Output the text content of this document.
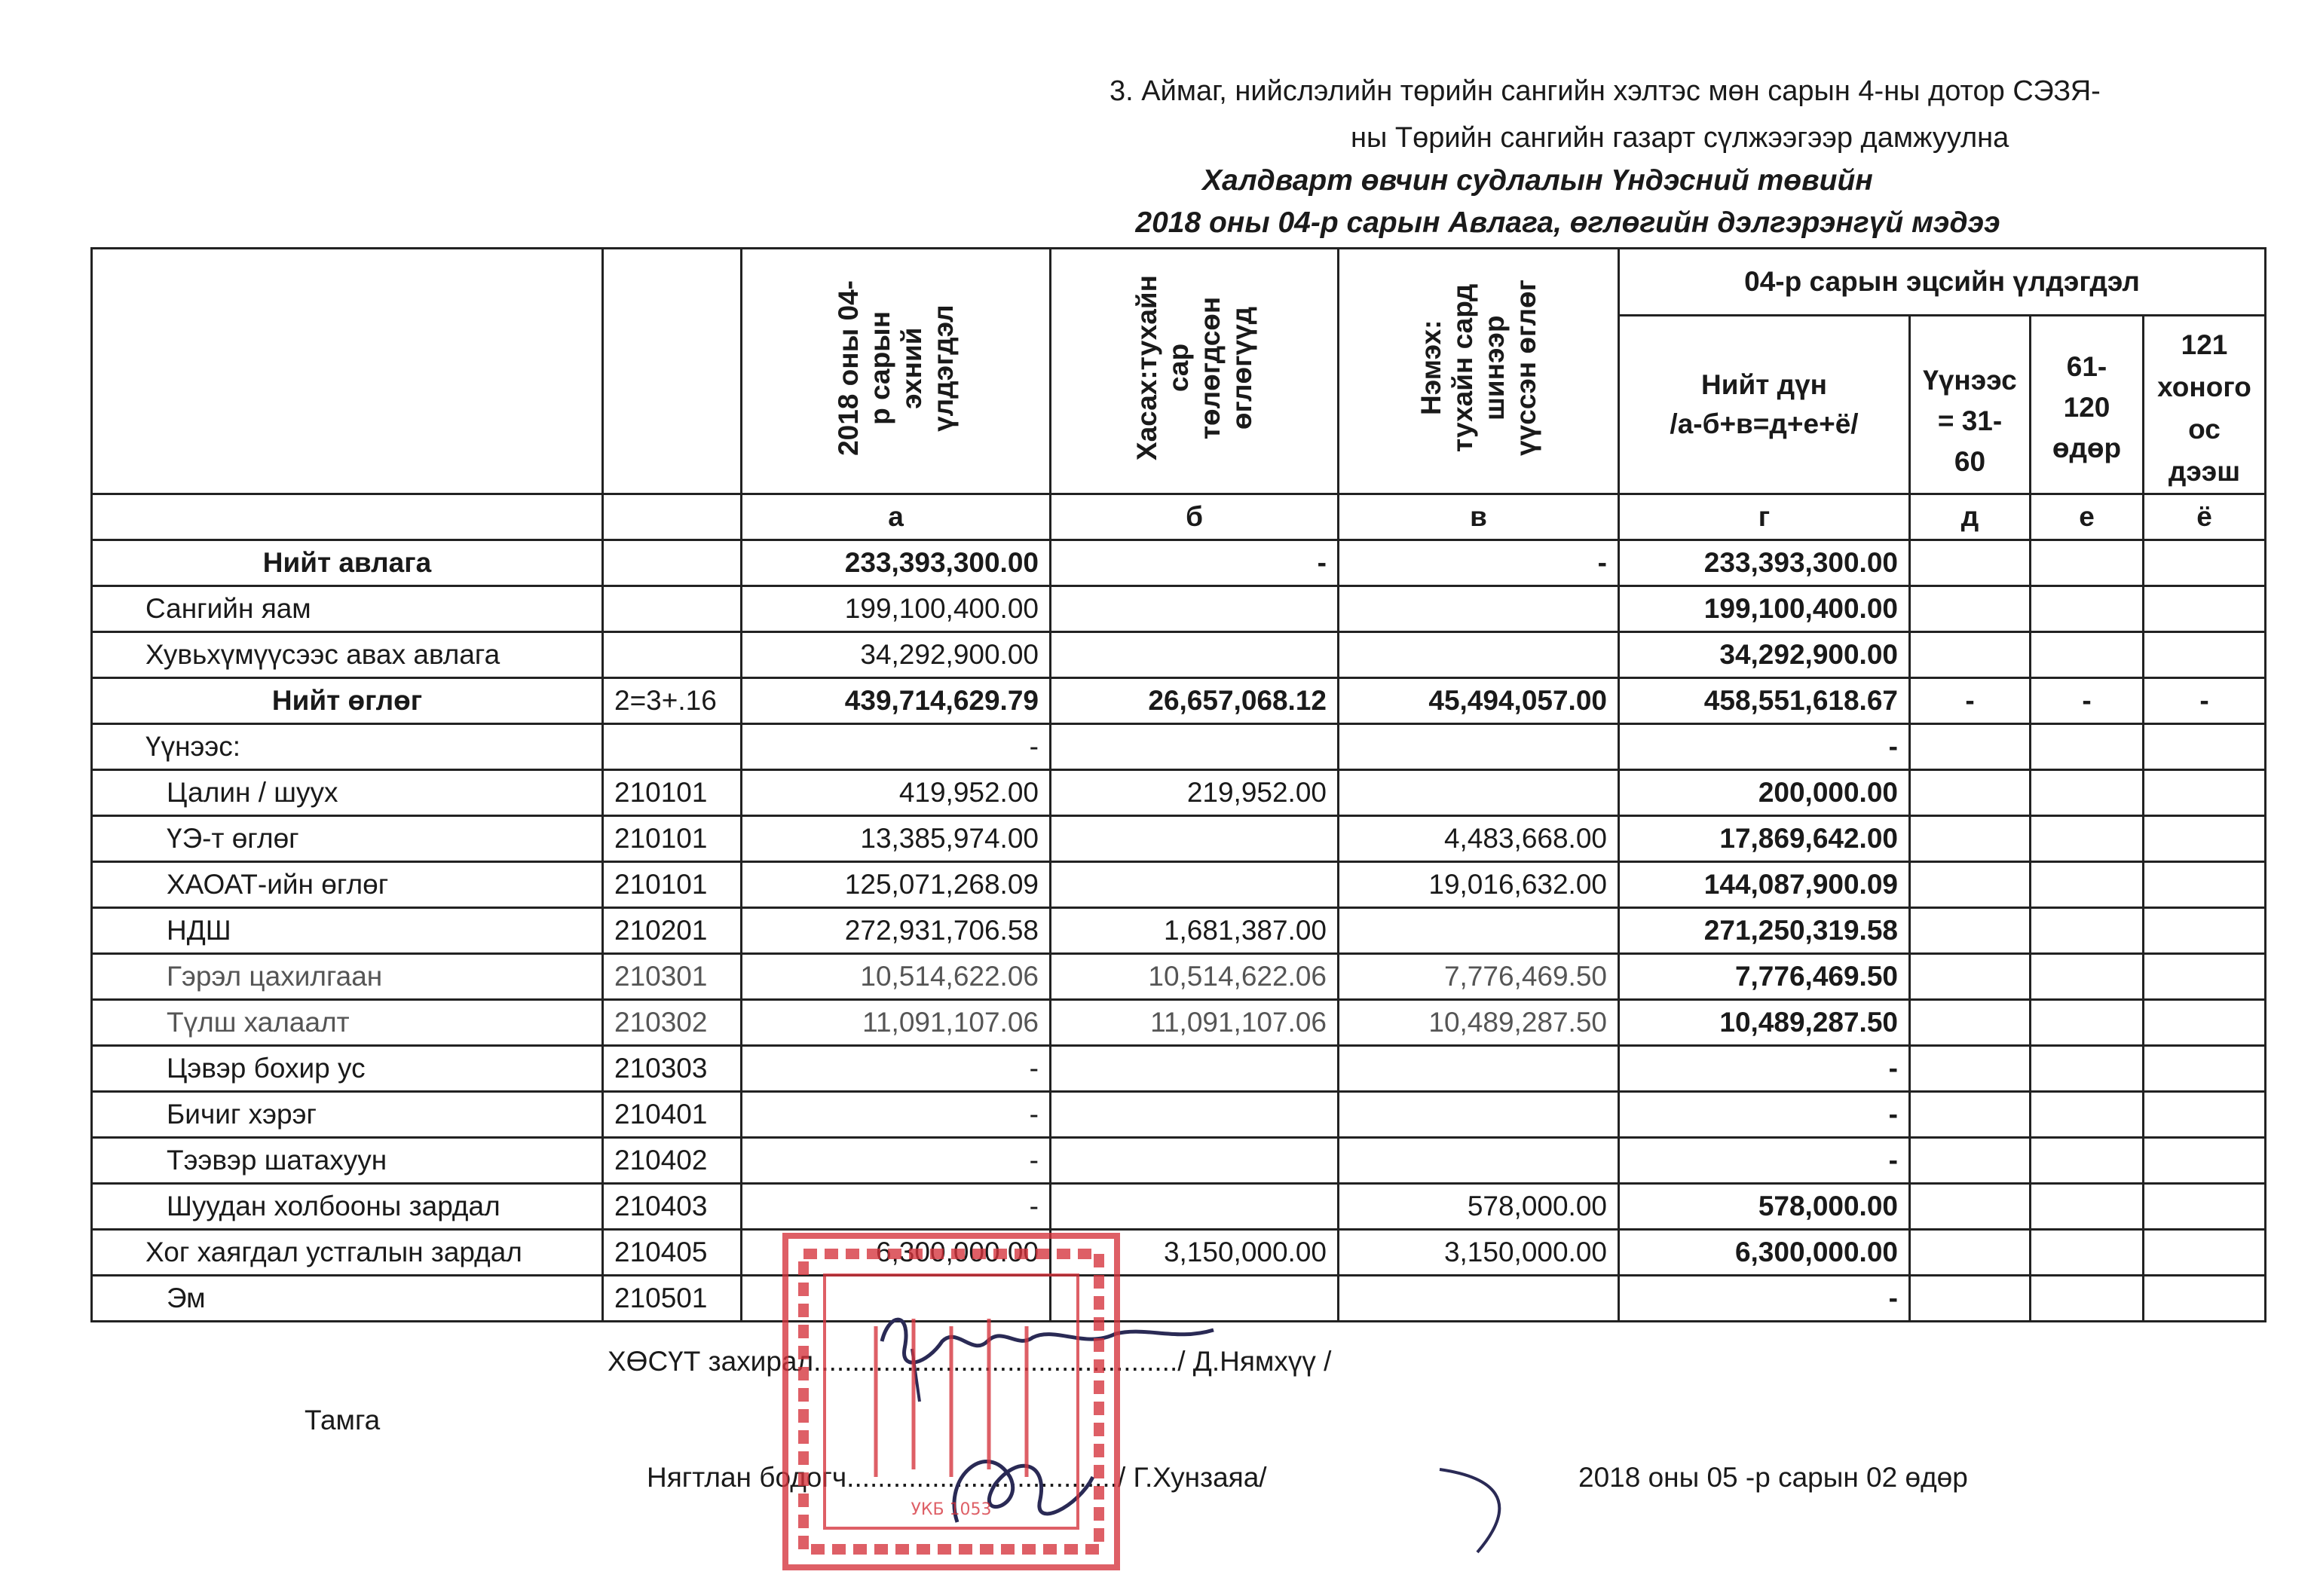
3. Аймаг, нийслэлийн төрийн сангийн хэлтэс мөн сарын 4-ны дотор СЭЗЯ-
ны Төрийн сангийн газарт сүлжээгээр дамжуулна
Халдварт өвчин судлалын Үндэсний төвийн
2018 оны 04-р сарын Авлага, өглөгийн дэлгэрэнгүй мэдээ
		2018 оны 04-
р сарын
эхний
үлдэгдэл	Хасах:тухайн
сар
төлөгдсөн
өглөгүүд	Нэмэх:
тухайн сард
шинээр
үүссэн өглөг	04-р сарын эцсийн үлдэгдэл			
					Нийт дүн
/а-б+в=д+е+ё/	Үүнээс
= 31-
60	61-
120
өдөр	121
хоного
ос
дээш
		а	б	в	г	д	е	ё
Нийт авлага		233,393,300.00	-	-	233,393,300.00			
Сангийн яам		199,100,400.00			199,100,400.00			
Хувьхүмүүсээс авах авлага		34,292,900.00			34,292,900.00			
Нийт өглөг	2=3+.16	439,714,629.79	26,657,068.12	45,494,057.00	458,551,618.67	-	-	-
Үүнээс:		-			-			
Цалин / шуух	210101	419,952.00	219,952.00		200,000.00			
ҮЭ-т өглөг	210101	13,385,974.00		4,483,668.00	17,869,642.00			
ХАОАТ-ийн өглөг	210101	125,071,268.09		19,016,632.00	144,087,900.09			
НДШ	210201	272,931,706.58	1,681,387.00		271,250,319.58			
Гэрэл цахилгаан	210301	10,514,622.06	10,514,622.06	7,776,469.50	7,776,469.50			
Түлш халаалт	210302	11,091,107.06	11,091,107.06	10,489,287.50	10,489,287.50			
Цэвэр бохир ус	210303	-			-			
Бичиг хэрэг	210401	-			-			
Тээвэр шатахуун	210402	-			-			
Шуудан холбооны зардал	210403	-		578,000.00	578,000.00			
Хог хаягдал устгалын зардал	210405	6,300,000.00	3,150,000.00	3,150,000.00	6,300,000.00			
Эм	210501				-			
ХӨСҮТ захирал.............................................../ Д.Нямхүү /
Тамга
Нягтлан бодогч.................................../ Г.Хунзаяа/	2018 оны 05 -р сарын 02 өдөр
УКБ 1053
